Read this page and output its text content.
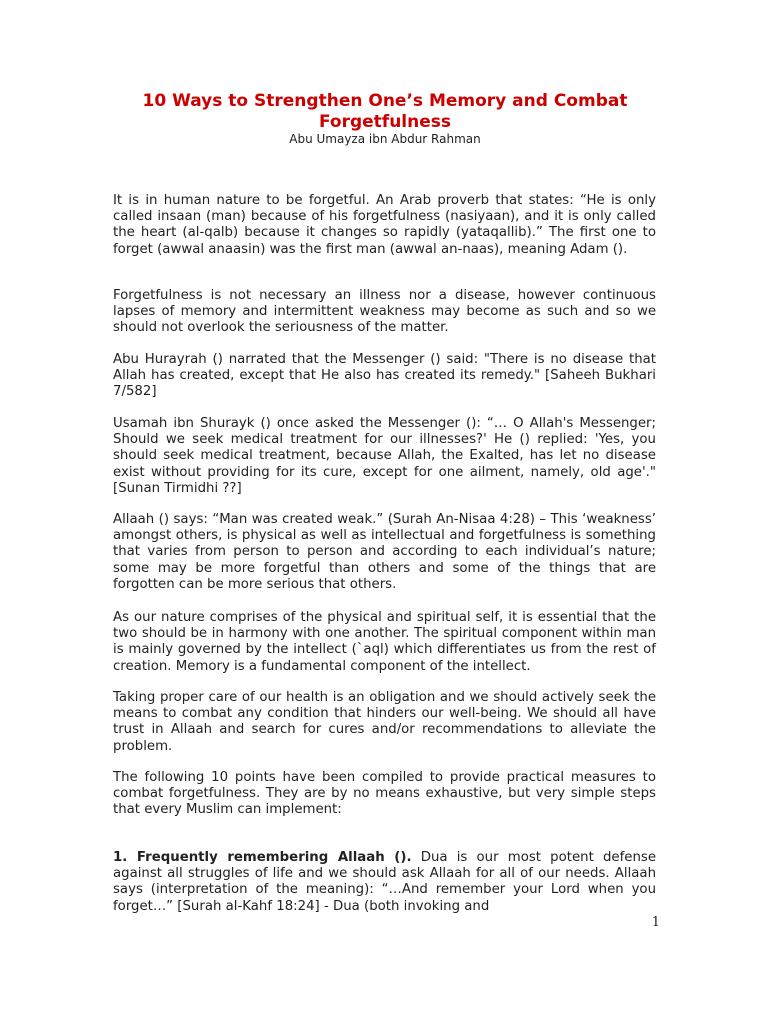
10 Ways to Strengthen One’s Memory and Combat Forgetfulness
Abu Umayza ibn Abdur Rahman

It is in human nature to be forgetful. An Arab proverb that states: “He is only called insaan (man) because of his forgetfulness (nasiyaan), and it is only called the heart (al-qalb) because it changes so rapidly (yataqallib).” The first one to forget (awwal anaasin) was the first man (awwal an-naas), meaning Adam ().

Forgetfulness is not necessary an illness nor a disease, however continuous lapses of memory and intermittent weakness may become as such and so we should not overlook the seriousness of the matter.

Abu Hurayrah () narrated that the Messenger () said: "There is no disease that Allah has created, except that He also has created its remedy." [Saheeh Bukhari 7/582]

Usamah ibn Shurayk () once asked the Messenger (): “… O Allah's Messenger; Should we seek medical treatment for our illnesses?' He () replied: 'Yes, you should seek medical treatment, because Allah, the Exalted, has let no disease exist without providing for its cure, except for one ailment, namely, old age'." [Sunan Tirmidhi ??]

Allaah () says: “Man was created weak.” (Surah An-Nisaa 4:28) – This ‘weakness’ amongst others, is physical as well as intellectual and forgetfulness is something that varies from person to person and according to each individual’s nature; some may be more forgetful than others and some of the things that are forgotten can be more serious that others.

As our nature comprises of the physical and spiritual self, it is essential that the two should be in harmony with one another. The spiritual component within man is mainly governed by the intellect (`aql) which differentiates us from the rest of creation. Memory is a fundamental component of the intellect.

Taking proper care of our health is an obligation and we should actively seek the means to combat any condition that hinders our well-being. We should all have trust in Allaah and search for cures and/or recommendations to alleviate the problem.

The following 10 points have been compiled to provide practical measures to combat forgetfulness. They are by no means exhaustive, but very simple steps that every Muslim can implement:

1. Frequently remembering Allaah (). Dua is our most potent defense against all struggles of life and we should ask Allaah for all of our needs. Allaah says (interpretation of the meaning): “…And remember your Lord when you forget…” [Surah al-Kahf 18:24] - Dua (both invoking and

1
